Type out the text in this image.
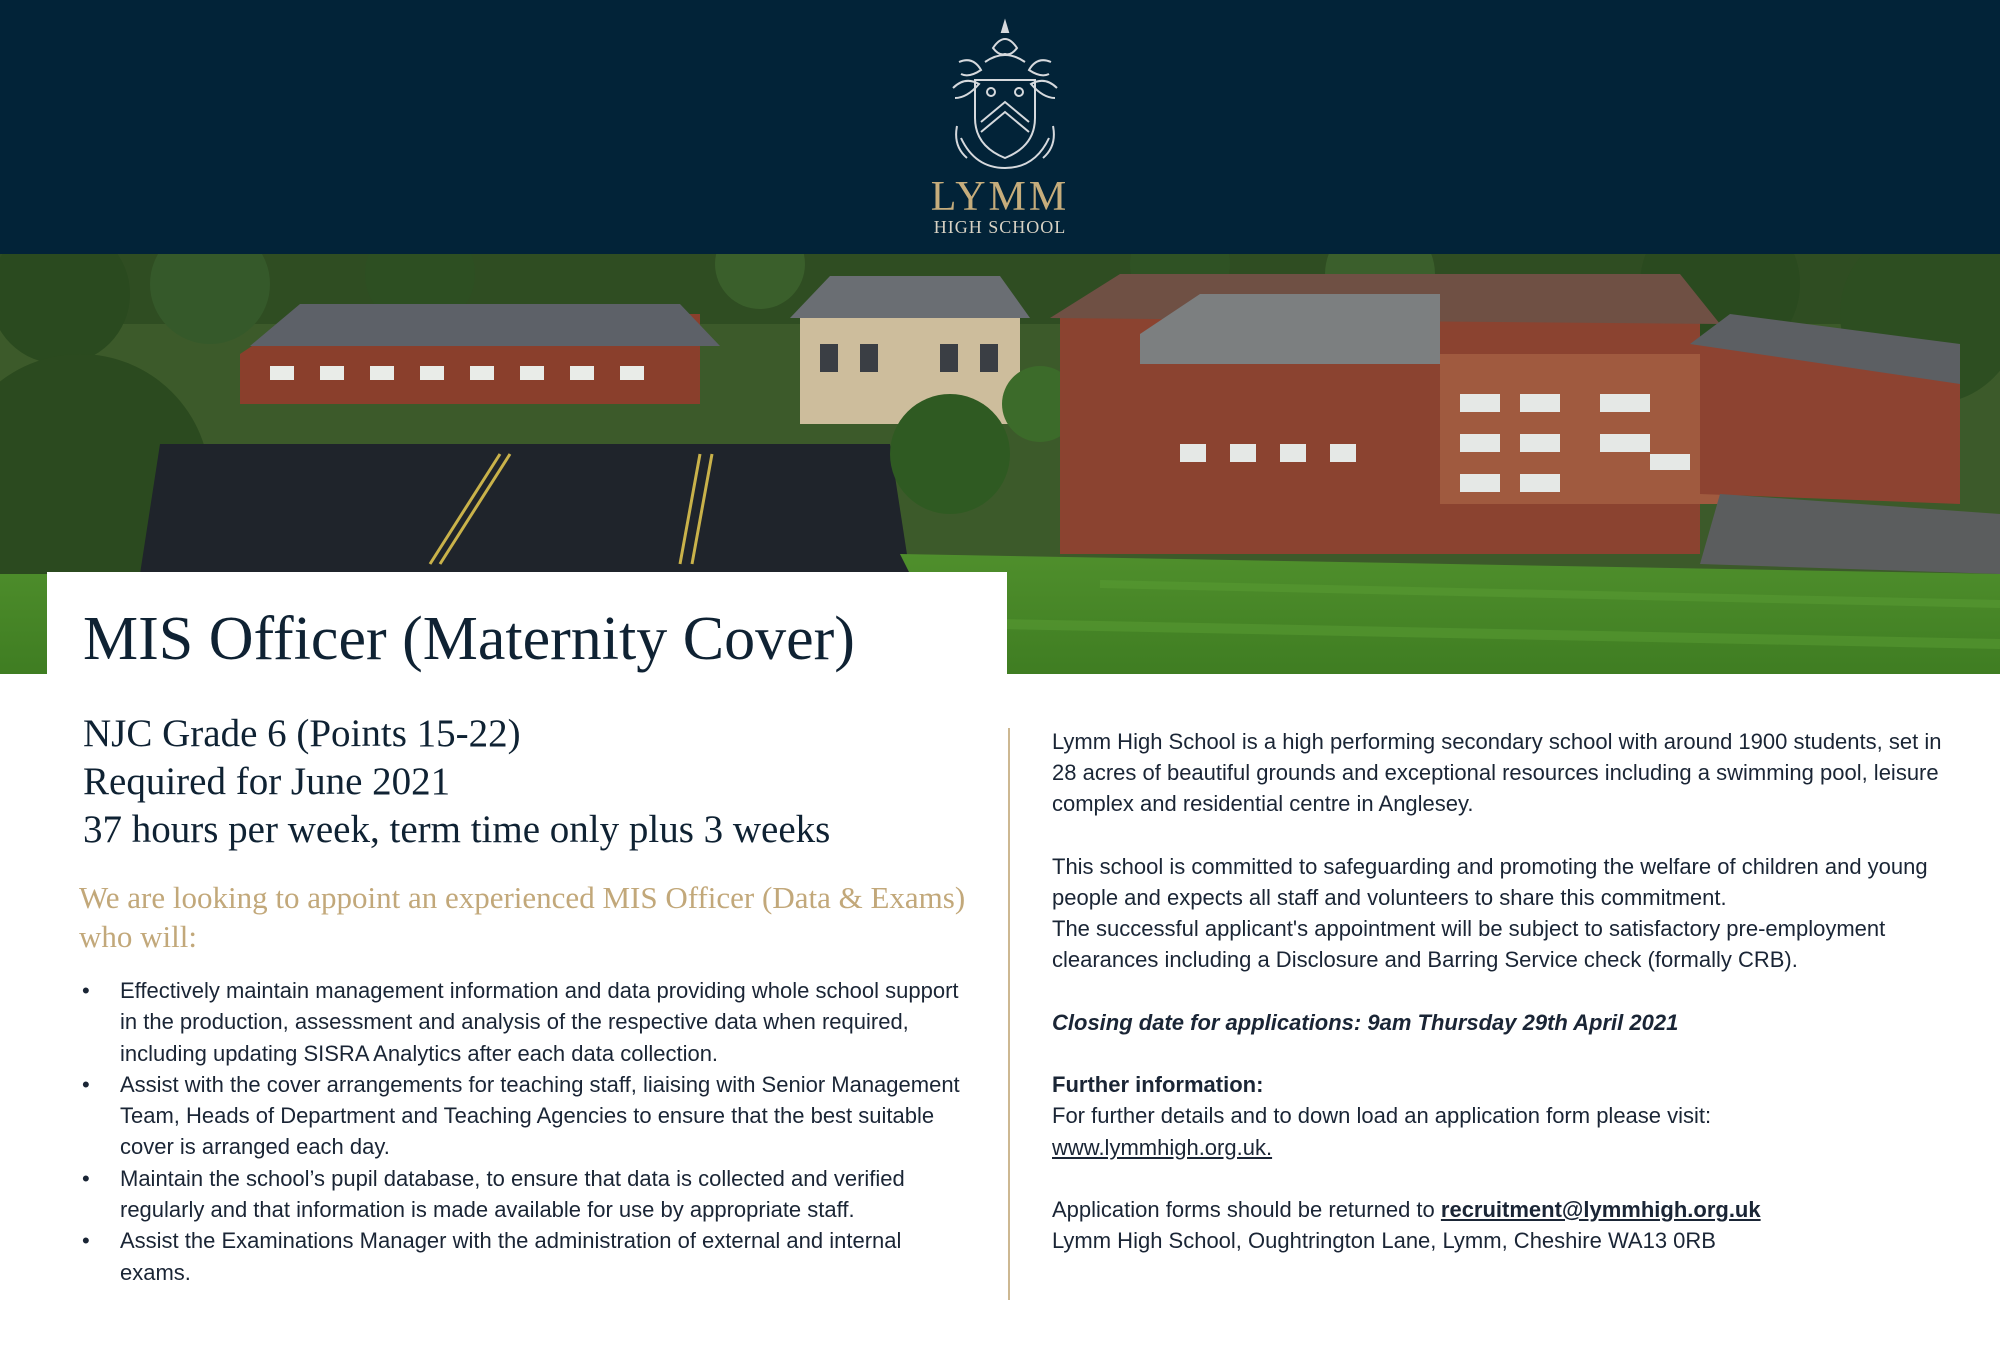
LYMM
HIGH SCHOOL
MIS Officer (Maternity Cover)
NJC Grade 6 (Points 15-22)
Required for June 2021
37 hours per week, term time only plus 3 weeks
We are looking to appoint an experienced MIS Officer (Data & Exams) who will:
• Effectively maintain management information and data providing whole school support in the production, assessment and analysis of the respective data when required, including updating SISRA Analytics after each data collection.
• Assist with the cover arrangements for teaching staff, liaising with Senior Management Team, Heads of Department and Teaching Agencies to ensure that the best suitable cover is arranged each day.
• Maintain the school’s pupil database, to ensure that data is collected and verified regularly and that information is made available for use by appropriate staff.
• Assist the Examinations Manager with the administration of external and internal exams.

Lymm High School is a high performing secondary school with around 1900 students, set in 28 acres of beautiful grounds and exceptional resources including a swimming pool, leisure complex and residential centre in Anglesey.

This school is committed to safeguarding and promoting the welfare of children and young people and expects all staff and volunteers to share this commitment.

The successful applicant's appointment will be subject to satisfactory pre-employment clearances including a Disclosure and Barring Service check (formally CRB).

Closing date for applications: 9am Thursday 29th April 2021

Further information:

For further details and to down load an application form please visit:

www.lymmhigh.org.uk.

Application forms should be returned to recruitment@lymmhigh.org.uk

Lymm High School, Oughtrington Lane, Lymm, Cheshire WA13 0RB
